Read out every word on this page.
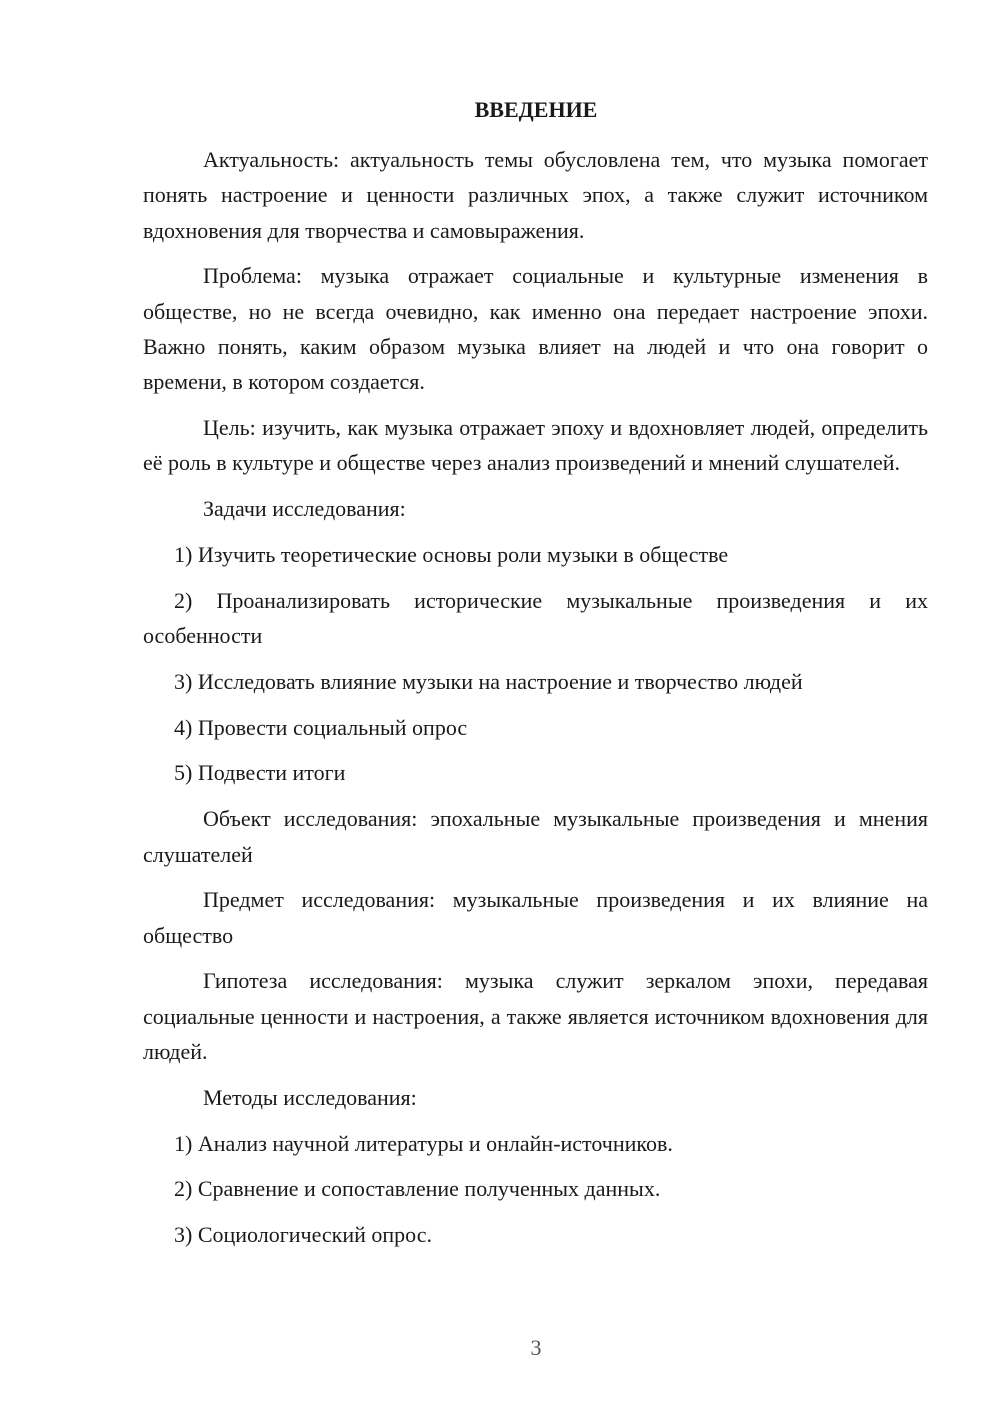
ВВЕДЕНИЕ

Актуальность: актуальность темы обусловлена тем, что музыка помогает понять настроение и ценности различных эпох, а также служит источником вдохновения для творчества и самовыражения.

Проблема: музыка отражает социальные и культурные изменения в обществе, но не всегда очевидно, как именно она передает настроение эпохи. Важно понять, каким образом музыка влияет на людей и что она говорит о времени, в котором создается.

Цель: изучить, как музыка отражает эпоху и вдохновляет людей, определить её роль в культуре и обществе через анализ произведений и мнений слушателей.

Задачи исследования:

1) Изучить теоретические основы роли музыки в обществе

2) Проанализировать исторические музыкальные произведения и их особенности

3) Исследовать влияние музыки на настроение и творчество людей

4) Провести социальный опрос

5) Подвести итоги

Объект исследования: эпохальные музыкальные произведения и мнения слушателей

Предмет исследования: музыкальные произведения и их влияние на общество

Гипотеза исследования: музыка служит зеркалом эпохи, передавая социальные ценности и настроения, а также является источником вдохновения для людей.

Методы исследования:

1) Анализ научной литературы и онлайн-источников.

2) Сравнение и сопоставление полученных данных.

3) Социологический опрос.

3
